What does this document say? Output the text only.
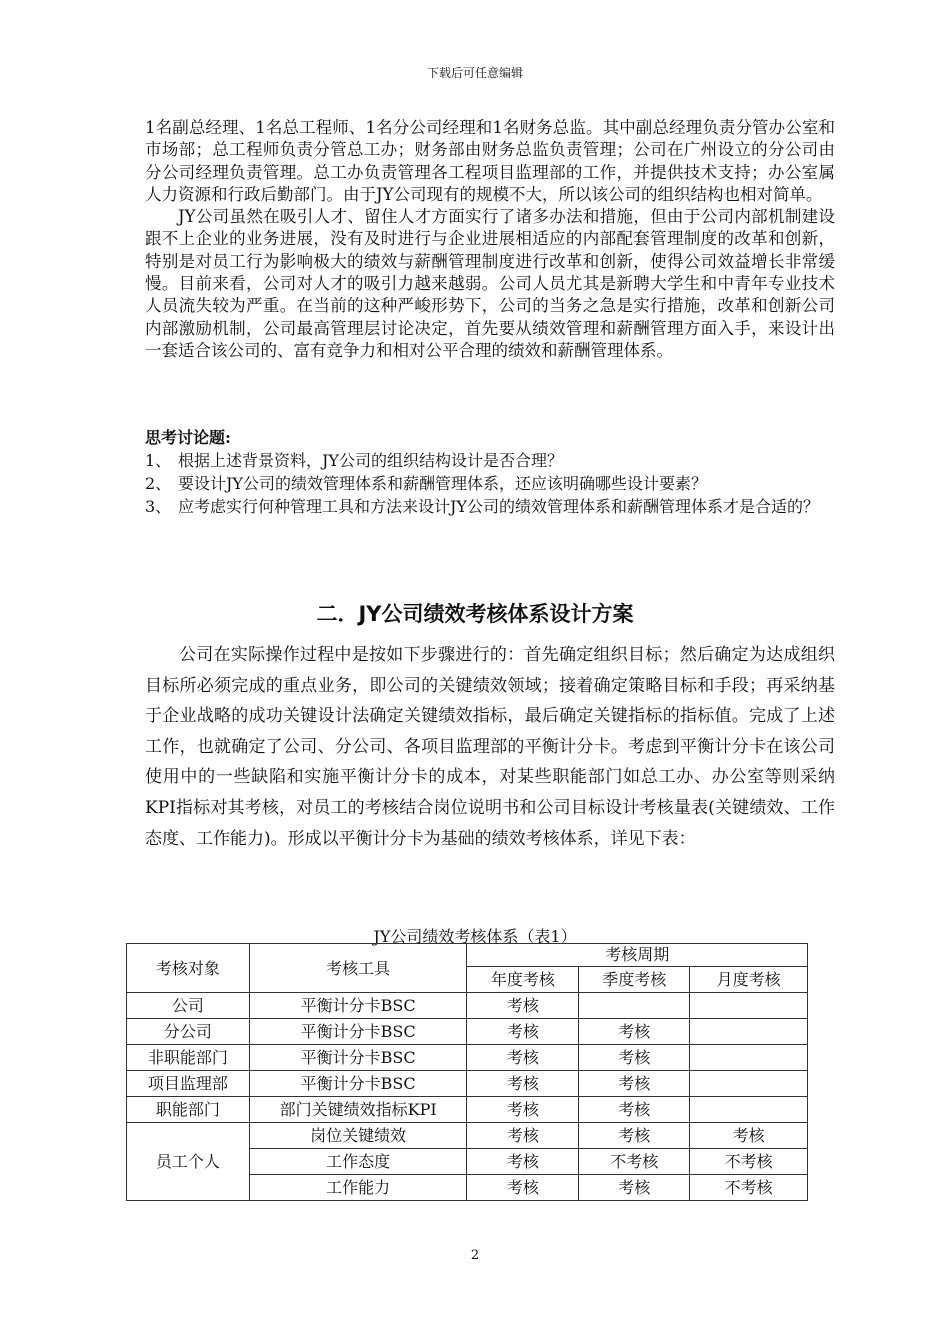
下载后可任意编辑

1名副总经理、1名总工程师、1名分公司经理和1名财务总监。其中副总经理负责分管办公室和市场部；总工程师负责分管总工办；财务部由财务总监负责管理；公司在广州设立的分公司由分公司经理负责管理。总工办负责管理各工程项目监理部的工作，并提供技术支持；办公室属人力资源和行政后勤部门。由于JY公司现有的规模不大，所以该公司的组织结构也相对简单。

JY公司虽然在吸引人才、留住人才方面实行了诸多办法和措施，但由于公司内部机制建设跟不上企业的业务进展，没有及时进行与企业进展相适应的内部配套管理制度的改革和创新，特别是对员工行为影响极大的绩效与薪酬管理制度进行改革和创新，使得公司效益增长非常缓慢。目前来看，公司对人才的吸引力越来越弱。公司人员尤其是新聘大学生和中青年专业技术人员流失较为严重。在当前的这种严峻形势下，公司的当务之急是实行措施，改革和创新公司内部激励机制，公司最高管理层讨论决定，首先要从绩效管理和薪酬管理方面入手，来设计出一套适合该公司的、富有竞争力和相对公平合理的绩效和薪酬管理体系。

思考讨论题:

1、 根据上述背景资料，JY公司的组织结构设计是否合理？
2、 要设计JY公司的绩效管理体系和薪酬管理体系，还应该明确哪些设计要素？
3、 应考虑实行何种管理工具和方法来设计JY公司的绩效管理体系和薪酬管理体系才是合适的？
二．JY公司绩效考核体系设计方案

公司在实际操作过程中是按如下步骤进行的：首先确定组织目标；然后确定为达成组织目标所必须完成的重点业务，即公司的关键绩效领域；接着确定策略目标和手段；再采纳基于企业战略的成功关键设计法确定关键绩效指标，最后确定关键指标的指标值。完成了上述工作，也就确定了公司、分公司、各项目监理部的平衡计分卡。考虑到平衡计分卡在该公司使用中的一些缺陷和实施平衡计分卡的成本，对某些职能部门如总工办、办公室等则采纳KPI指标对其考核，对员工的考核结合岗位说明书和公司目标设计考核量表(关键绩效、工作态度、工作能力)。形成以平衡计分卡为基础的绩效考核体系，详见下表：

JY公司绩效考核体系（表1）
考核对象	考核工具	考核周期		
		年度考核	季度考核	月度考核
公司	平衡计分卡BSC	考核		
分公司	平衡计分卡BSC	考核	考核	
非职能部门	平衡计分卡BSC	考核	考核	
项目监理部	平衡计分卡BSC	考核	考核	
职能部门	部门关键绩效指标KPI	考核	考核	
员工个人	岗位关键绩效	考核	考核	考核
	工作态度	考核	不考核	不考核
	工作能力	考核	考核	不考核
2
